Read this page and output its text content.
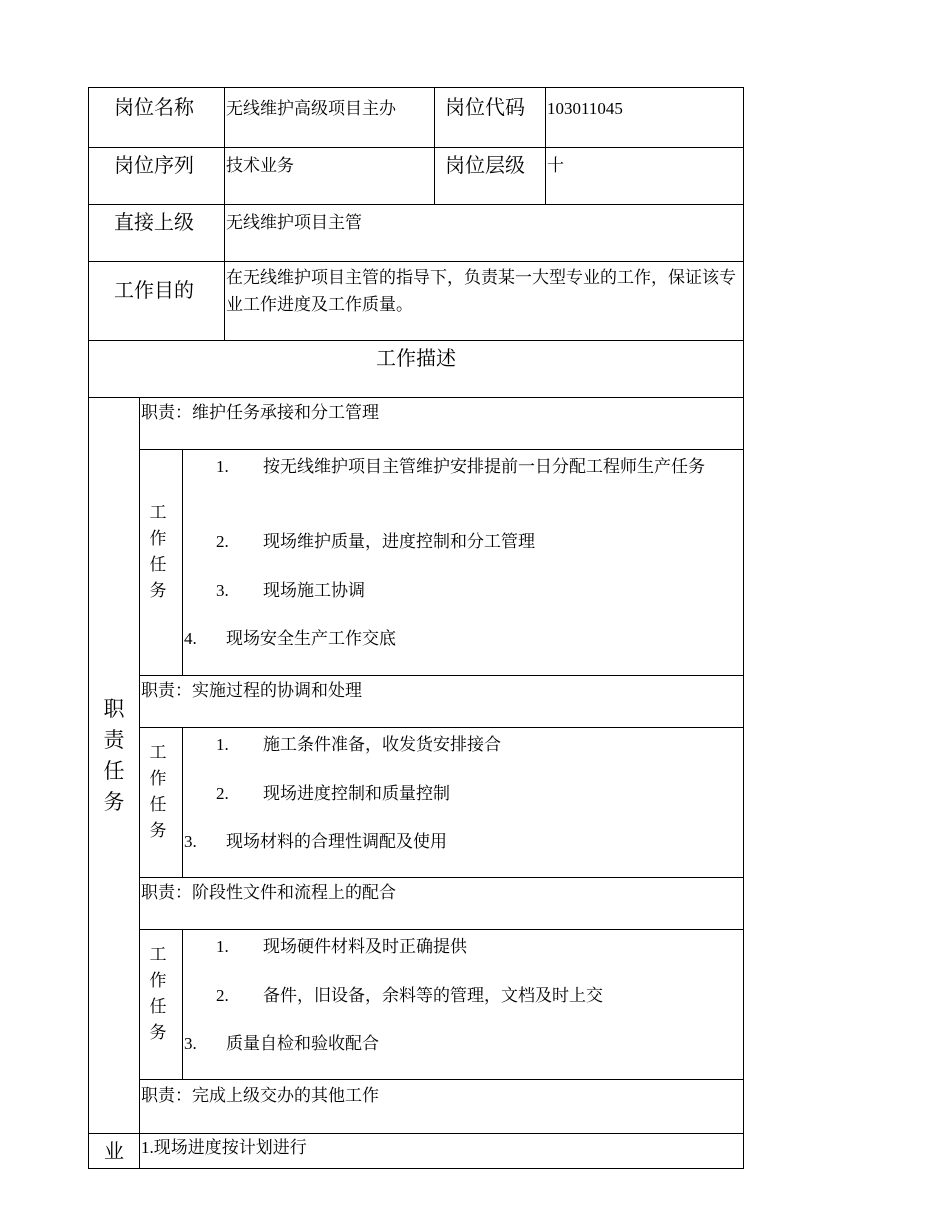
岗位名称 无线维护高级项目主办 岗位代码 103011045
岗位序列 技术业务	岗位层级 十
直接上级 无线维护项目主管
工作目的
在无线维护项目主管的指导下，负责某一大型专业的工作，保证该专业工作进度及工作质量。
工作描述
职责任务
职责：维护任务承接和分工管理
工作任务
1.	按无线维护项目主管维护安排提前一日分配工程师生产任务
2. 现场维护质量，进度控制和分工管理
3. 现场施工协调
4. 现场安全生产工作交底
职责：实施过程的协调和处理
工作任务
1. 施工条件准备，收发货安排接合
2. 现场进度控制和质量控制
3. 现场材料的合理性调配及使用
职责：阶段性文件和流程上的配合
工作任务
1. 现场硬件材料及时正确提供
2. 备件，旧设备，余料等的管理，文档及时上交
3. 质量自检和验收配合
职责：完成上级交办的其他工作
业 1.现场进度按计划进行
